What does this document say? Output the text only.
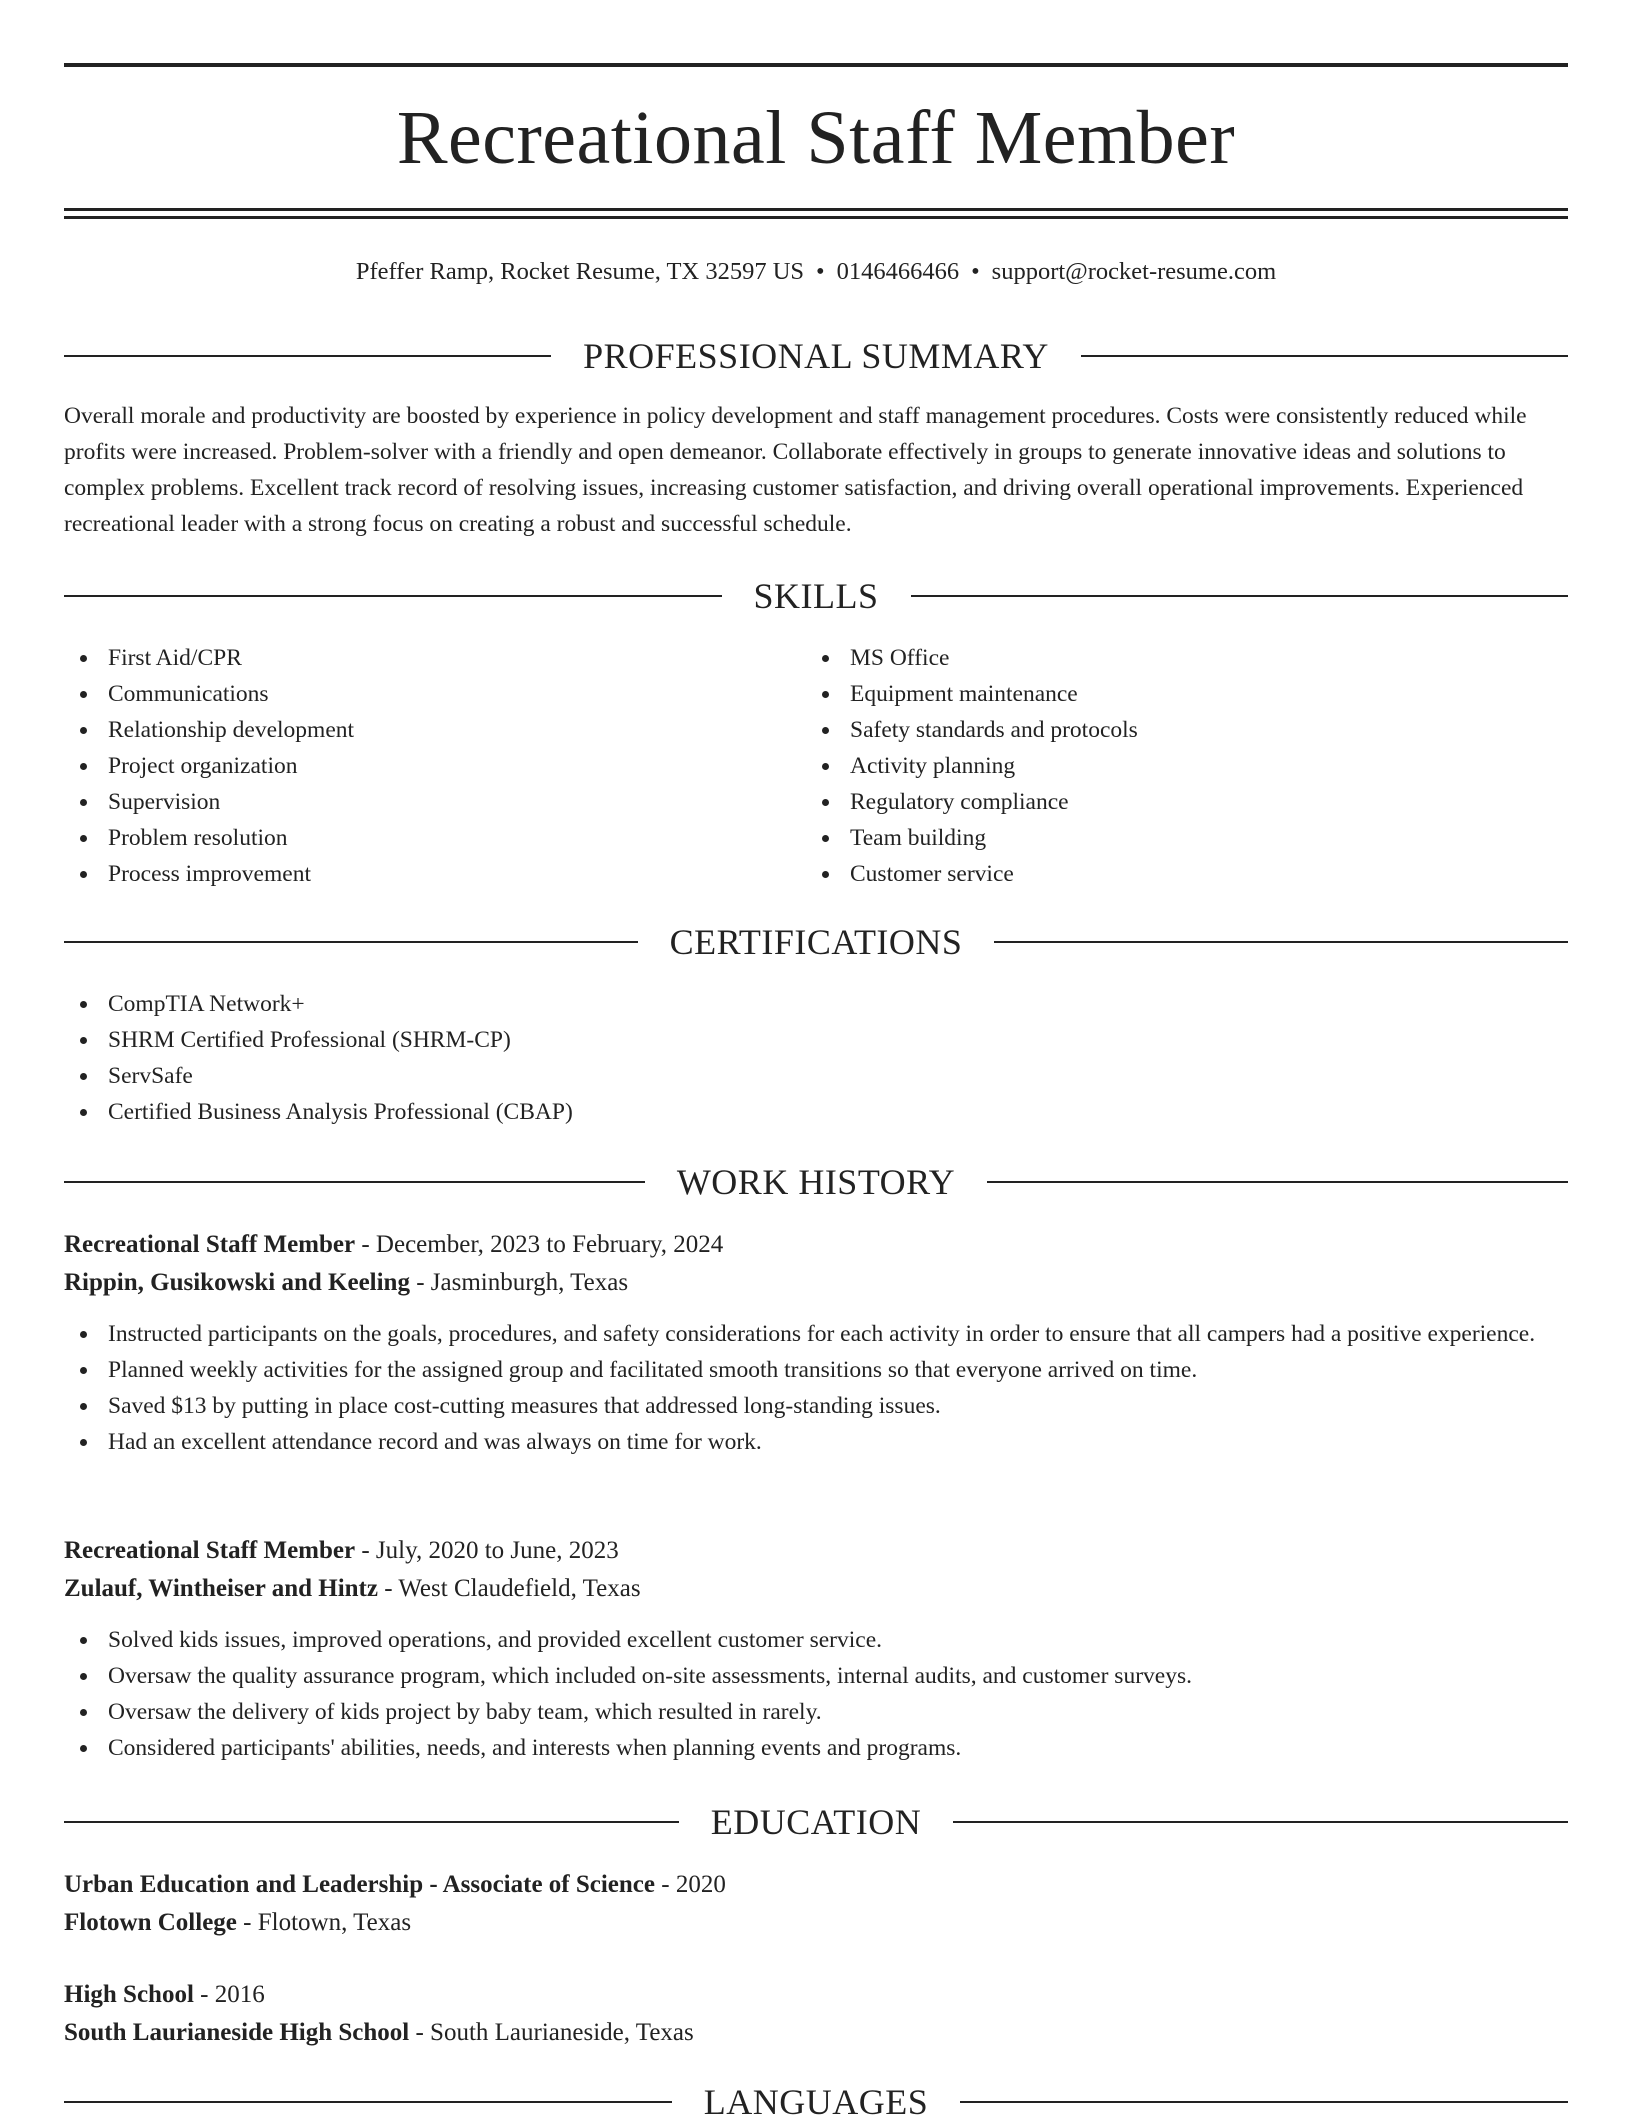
Recreational Staff Member
Pfeffer Ramp, Rocket Resume, TX 32597 US • 0146466466 • support@rocket-resume.com
PROFESSIONAL SUMMARY

Overall morale and productivity are boosted by experience in policy development and staff management procedures. Costs were consistently reduced while profits were increased. Problem-solver with a friendly and open demeanor. Collaborate effectively in groups to generate innovative ideas and solutions to complex problems. Excellent track record of resolving issues, increasing customer satisfaction, and driving overall operational improvements. Experienced recreational leader with a strong focus on creating a robust and successful schedule.

SKILLS
First Aid/CPR
Communications
Relationship development
Project organization
Supervision
Problem resolution
Process improvement
MS Office
Equipment maintenance
Safety standards and protocols
Activity planning
Regulatory compliance
Team building
Customer service
CERTIFICATIONS
CompTIA Network+
SHRM Certified Professional (SHRM-CP)
ServSafe
Certified Business Analysis Professional (CBAP)
WORK HISTORY
Recreational Staff Member - December, 2023 to February, 2024
Rippin, Gusikowski and Keeling - Jasminburgh, Texas
Instructed participants on the goals, procedures, and safety considerations for each activity in order to ensure that all campers had a positive experience.
Planned weekly activities for the assigned group and facilitated smooth transitions so that everyone arrived on time.
Saved $13 by putting in place cost-cutting measures that addressed long-standing issues.
Had an excellent attendance record and was always on time for work.
Recreational Staff Member - July, 2020 to June, 2023
Zulauf, Wintheiser and Hintz - West Claudefield, Texas
Solved kids issues, improved operations, and provided excellent customer service.
Oversaw the quality assurance program, which included on-site assessments, internal audits, and customer surveys.
Oversaw the delivery of kids project by baby team, which resulted in rarely.
Considered participants' abilities, needs, and interests when planning events and programs.
EDUCATION
Urban Education and Leadership - Associate of Science - 2020
Flotown College - Flotown, Texas
High School - 2016
South Laurianeside High School - South Laurianeside, Texas
LANGUAGES
